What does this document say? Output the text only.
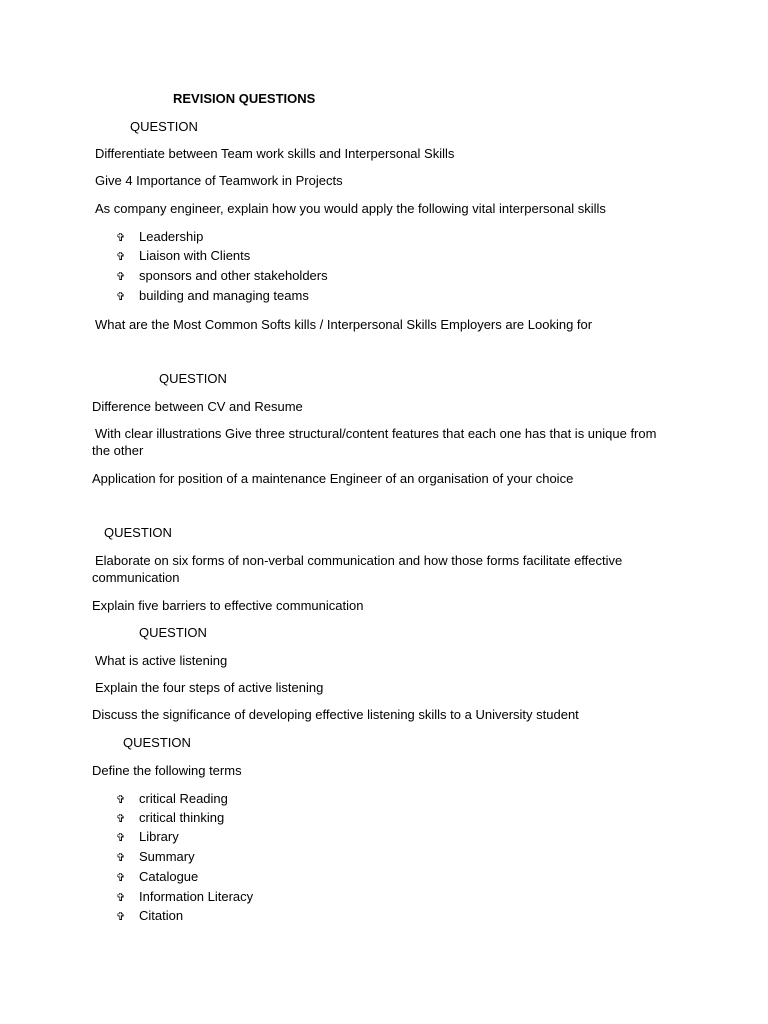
REVISION QUESTIONS
QUESTION
Differentiate between Team work skills and Interpersonal Skills
Give 4 Importance of Teamwork in Projects
As company engineer, explain how you would apply the following vital interpersonal skills
✞ Leadership
✞ Liaison with Clients
✞ sponsors and other stakeholders
✞ building and managing teams
What are the Most Common Softs kills / Interpersonal Skills Employers are Looking for
QUESTION
Difference between CV and Resume
With clear illustrations Give three structural/content features that each one has that is unique from the other
Application for position of a maintenance Engineer of an organisation of your choice
QUESTION
Elaborate on six forms of non-verbal communication and how those forms facilitate effective communication
Explain five barriers to effective communication
QUESTION
What is active listening
Explain the four steps of active listening
Discuss the significance of developing effective listening skills to a University student
QUESTION
Define the following terms
✞ critical Reading
✞ critical thinking
✞ Library
✞ Summary
✞ Catalogue
✞ Information Literacy
✞ Citation
